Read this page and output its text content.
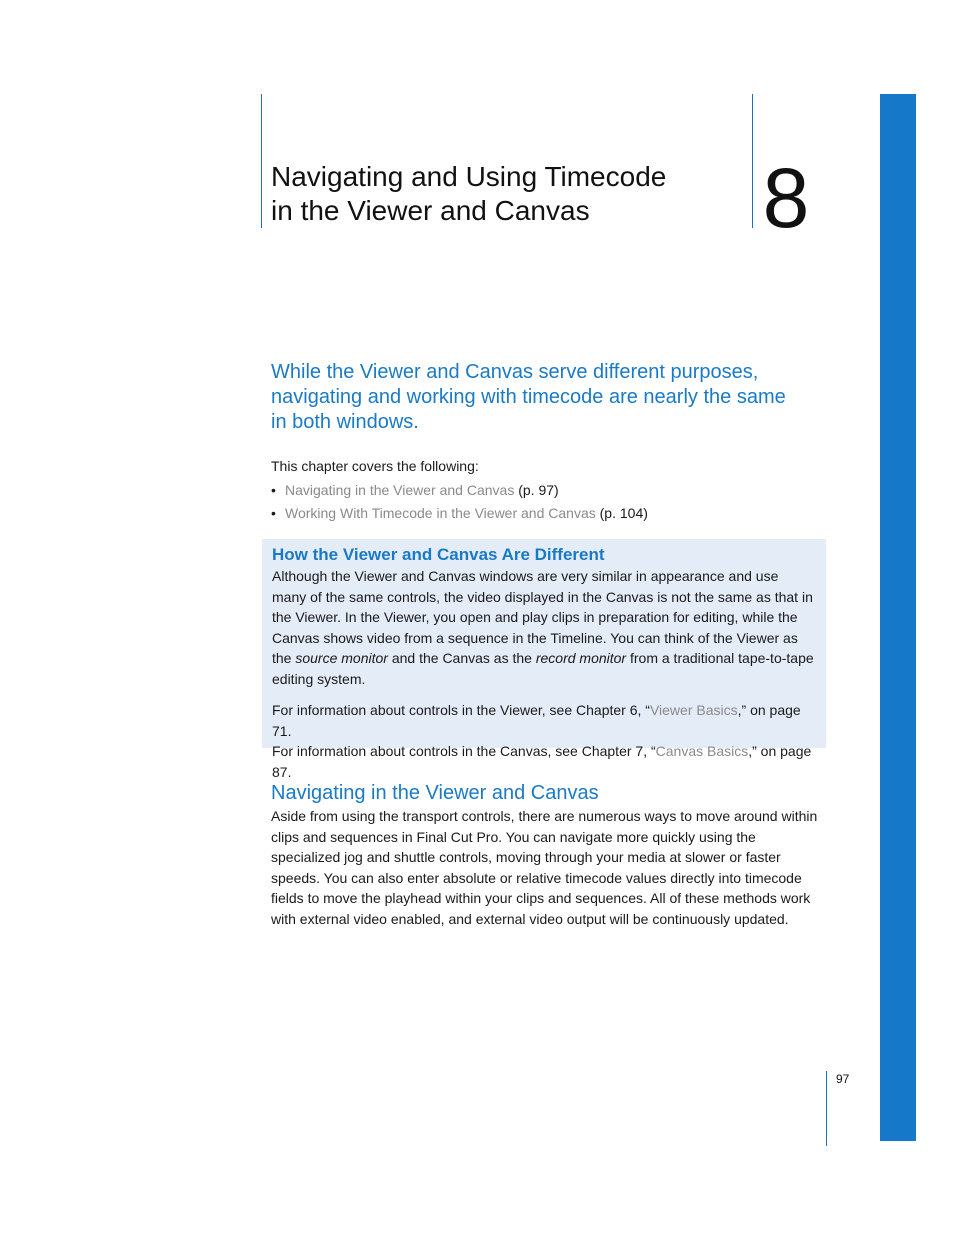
Navigating and Using Timecode
in the Viewer and Canvas	8
While the Viewer and Canvas serve different purposes, navigating and working with timecode are nearly the same in both windows.

This chapter covers the following:

• Navigating in the Viewer and Canvas (p. 97)
• Working With Timecode in the Viewer and Canvas (p. 104)
How the Viewer and Canvas Are Different

Although the Viewer and Canvas windows are very similar in appearance and use many of the same controls, the video displayed in the Canvas is not the same as that in the Viewer. In the Viewer, you open and play clips in preparation for editing, while the Canvas shows video from a sequence in the Timeline. You can think of the Viewer as the source monitor and the Canvas as the record monitor from a traditional tape-to-tape editing system.

For information about controls in the Viewer, see Chapter 6, “Viewer Basics,” on page 71.

For information about controls in the Canvas, see Chapter 7, “Canvas Basics,” on page 87.

Navigating in the Viewer and Canvas

Aside from using the transport controls, there are numerous ways to move around within clips and sequences in Final Cut Pro. You can navigate more quickly using the specialized jog and shuttle controls, moving through your media at slower or faster speeds. You can also enter absolute or relative timecode values directly into timecode fields to move the playhead within your clips and sequences. All of these methods work with external video enabled, and external video output will be continuously updated.

97
